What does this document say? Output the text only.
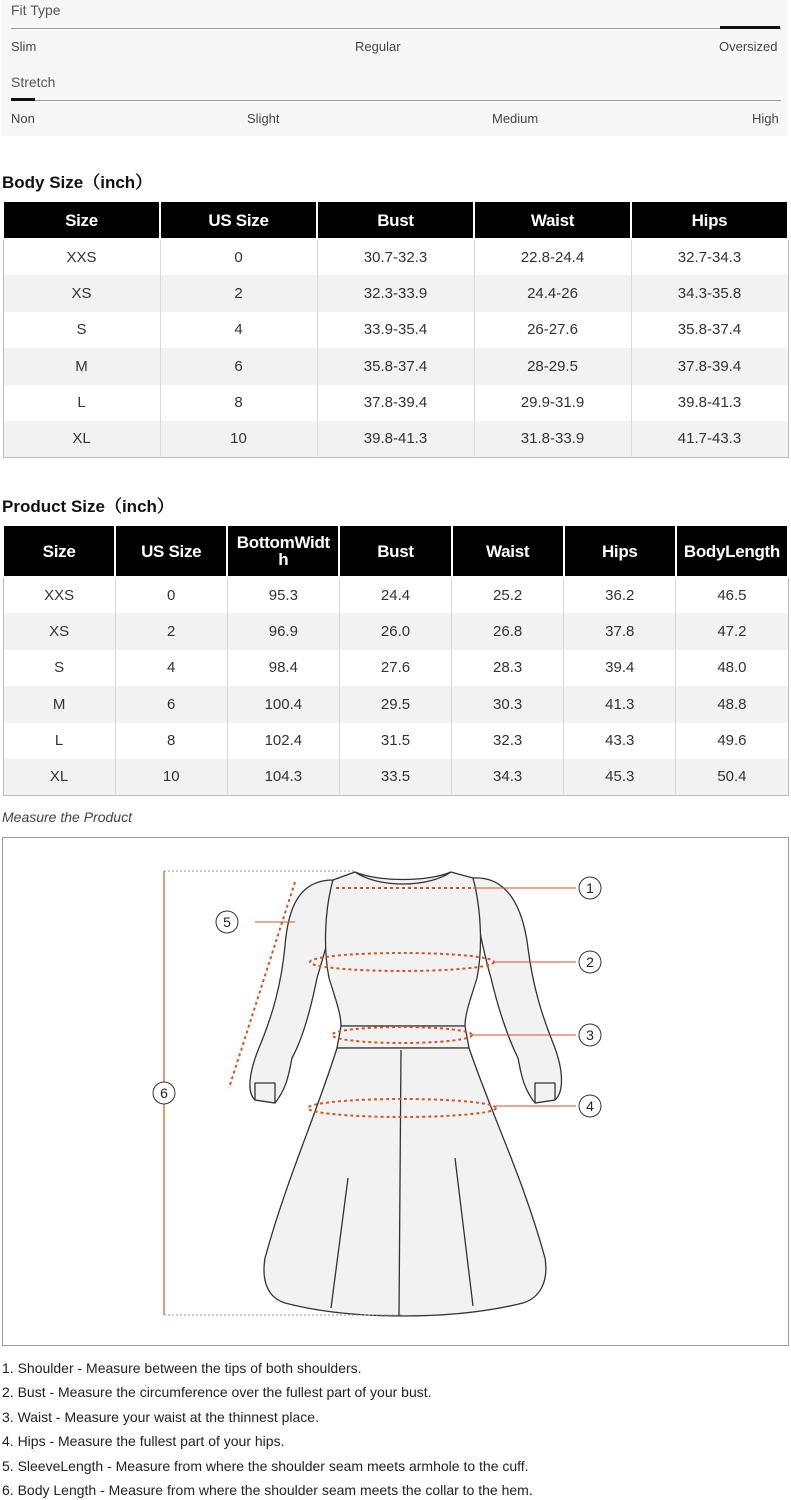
Fit Type
Slim	Regular	Oversized
Stretch
Non	Slight	Medium	High
Body Size（inch）
Size	US Size	Bust	Waist	Hips
XXS	0	30.7-32.3	22.8-24.4	32.7-34.3
XS	2	32.3-33.9	24.4-26	34.3-35.8
S	4	33.9-35.4	26-27.6	35.8-37.4
M	6	35.8-37.4	28-29.5	37.8-39.4
L	8	37.8-39.4	29.9-31.9	39.8-41.3
XL	10	39.8-41.3	31.8-33.9	41.7-43.3
Product Size（inch）
Size	US Size	BottomWidth	Bust	Waist	Hips	BodyLength
XXS	0	95.3	24.4	25.2	36.2	46.5
XS	2	96.9	26.0	26.8	37.8	47.2
S	4	98.4	27.6	28.3	39.4	48.0
M	6	100.4	29.5	30.3	41.3	48.8
L	8	102.4	31.5	32.3	43.3	49.6
XL	10	104.3	33.5	34.3	45.3	50.4
Measure the Product
1
2
3
4
5
6
1. Shoulder - Measure between the tips of both shoulders.
2. Bust - Measure the circumference over the fullest part of your bust.
3. Waist - Measure your waist at the thinnest place.
4. Hips - Measure the fullest part of your hips.
5. SleeveLength - Measure from where the shoulder seam meets armhole to the cuff.
6. Body Length - Measure from where the shoulder seam meets the collar to the hem.
